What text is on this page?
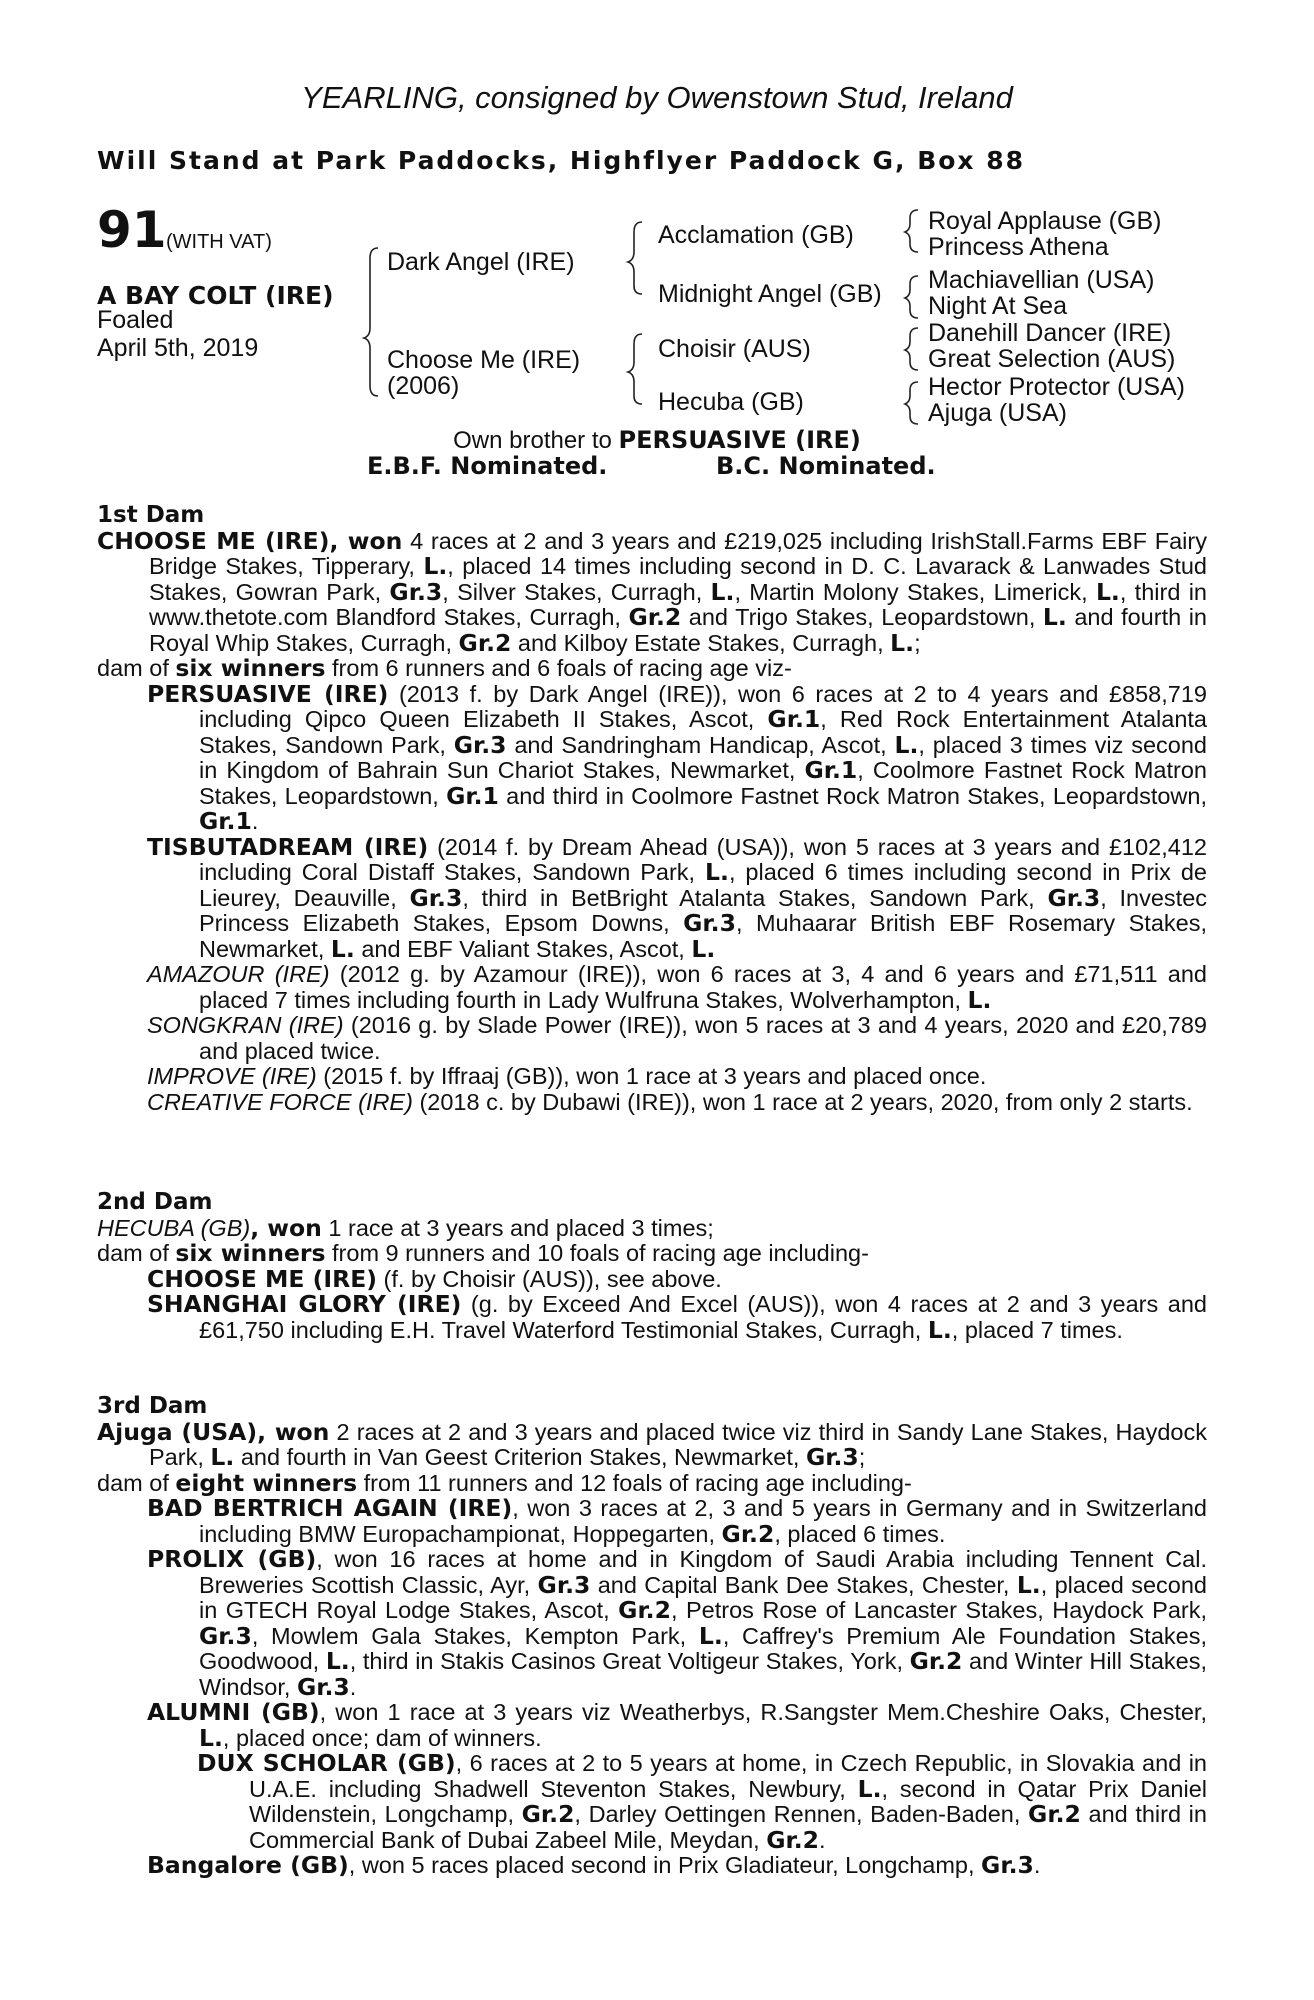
YEARLING, consigned by Owenstown Stud, Ireland
Will Stand at Park Paddocks, Highflyer Paddock G, Box 88
91 (WITH VAT)
A BAY COLT (IRE)
Foaled
April 5th, 2019
Dark Angel (IRE)
Choose Me (IRE)
(2006)
Acclamation (GB)
Midnight Angel (GB)
Choisir (AUS)
Hecuba (GB)
Royal Applause (GB)
Princess Athena
Machiavellian (USA)
Night At Sea
Danehill Dancer (IRE)
Great Selection (AUS)
Hector Protector (USA)
Ajuga (USA)
Own brother to PERSUASIVE (IRE)
E.B.F. Nominated.	B.C. Nominated.
1st Dam

CHOOSE ME (IRE), won 4 races at 2 and 3 years and £219,025 including IrishStall.Farms EBF Fairy Bridge Stakes, Tipperary, L., placed 14 times including second in D. C. Lavarack & Lanwades Stud Stakes, Gowran Park, Gr.3, Silver Stakes, Curragh, L., Martin Molony Stakes, Limerick, L., third in www.thetote.com Blandford Stakes, Curragh, Gr.2 and Trigo Stakes, Leopardstown, L. and fourth in Royal Whip Stakes, Curragh, Gr.2 and Kilboy Estate Stakes, Curragh, L.;

dam of six winners from 6 runners and 6 foals of racing age viz-

PERSUASIVE (IRE) (2013 f. by Dark Angel (IRE)), won 6 races at 2 to 4 years and £858,719 including Qipco Queen Elizabeth II Stakes, Ascot, Gr.1, Red Rock Entertainment Atalanta Stakes, Sandown Park, Gr.3 and Sandringham Handicap, Ascot, L., placed 3 times viz second in Kingdom of Bahrain Sun Chariot Stakes, Newmarket, Gr.1, Coolmore Fastnet Rock Matron Stakes, Leopardstown, Gr.1 and third in Coolmore Fastnet Rock Matron Stakes, Leopardstown, Gr.1.

TISBUTADREAM (IRE) (2014 f. by Dream Ahead (USA)), won 5 races at 3 years and £102,412 including Coral Distaff Stakes, Sandown Park, L., placed 6 times including second in Prix de Lieurey, Deauville, Gr.3, third in BetBright Atalanta Stakes, Sandown Park, Gr.3, Investec Princess Elizabeth Stakes, Epsom Downs, Gr.3, Muhaarar British EBF Rosemary Stakes, Newmarket, L. and EBF Valiant Stakes, Ascot, L.

AMAZOUR (IRE) (2012 g. by Azamour (IRE)), won 6 races at 3, 4 and 6 years and £71,511 and placed 7 times including fourth in Lady Wulfruna Stakes, Wolverhampton, L.

SONGKRAN (IRE) (2016 g. by Slade Power (IRE)), won 5 races at 3 and 4 years, 2020 and £20,789 and placed twice.

IMPROVE (IRE) (2015 f. by Iffraaj (GB)), won 1 race at 3 years and placed once.

CREATIVE FORCE (IRE) (2018 c. by Dubawi (IRE)), won 1 race at 2 years, 2020, from only 2 starts.

2nd Dam

HECUBA (GB), won 1 race at 3 years and placed 3 times;

dam of six winners from 9 runners and 10 foals of racing age including-

CHOOSE ME (IRE) (f. by Choisir (AUS)), see above.

SHANGHAI GLORY (IRE) (g. by Exceed And Excel (AUS)), won 4 races at 2 and 3 years and £61,750 including E.H. Travel Waterford Testimonial Stakes, Curragh, L., placed 7 times.

3rd Dam

Ajuga (USA), won 2 races at 2 and 3 years and placed twice viz third in Sandy Lane Stakes, Haydock Park, L. and fourth in Van Geest Criterion Stakes, Newmarket, Gr.3;

dam of eight winners from 11 runners and 12 foals of racing age including-

BAD BERTRICH AGAIN (IRE), won 3 races at 2, 3 and 5 years in Germany and in Switzerland including BMW Europachampionat, Hoppegarten, Gr.2, placed 6 times.

PROLIX (GB), won 16 races at home and in Kingdom of Saudi Arabia including Tennent Cal. Breweries Scottish Classic, Ayr, Gr.3 and Capital Bank Dee Stakes, Chester, L., placed second in GTECH Royal Lodge Stakes, Ascot, Gr.2, Petros Rose of Lancaster Stakes, Haydock Park, Gr.3, Mowlem Gala Stakes, Kempton Park, L., Caffrey's Premium Ale Foundation Stakes, Goodwood, L., third in Stakis Casinos Great Voltigeur Stakes, York, Gr.2 and Winter Hill Stakes, Windsor, Gr.3.

ALUMNI (GB), won 1 race at 3 years viz Weatherbys, R.Sangster Mem.Cheshire Oaks, Chester, L., placed once; dam of winners.

DUX SCHOLAR (GB), 6 races at 2 to 5 years at home, in Czech Republic, in Slovakia and in U.A.E. including Shadwell Steventon Stakes, Newbury, L., second in Qatar Prix Daniel Wildenstein, Longchamp, Gr.2, Darley Oettingen Rennen, Baden-Baden, Gr.2 and third in Commercial Bank of Dubai Zabeel Mile, Meydan, Gr.2.

Bangalore (GB), won 5 races placed second in Prix Gladiateur, Longchamp, Gr.3.
